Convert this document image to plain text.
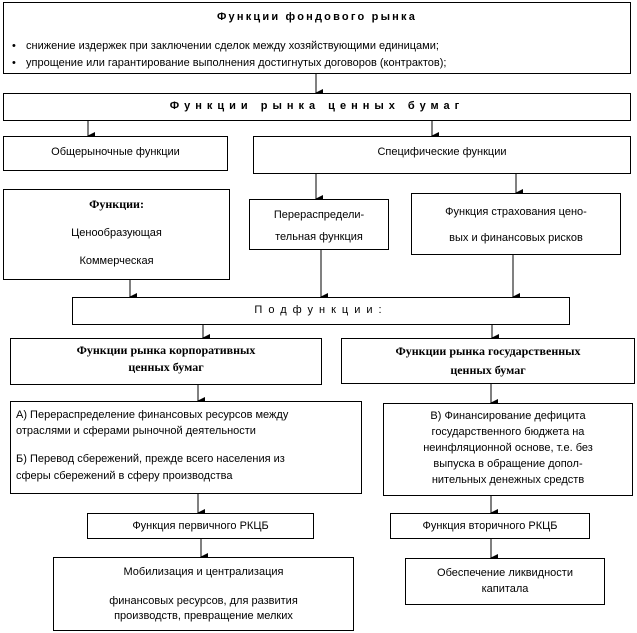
Функции фондового рынка
• снижение издержек при заключении сделок между хозяйствующими единицами;
• упрощение или гарантирование выполнения достигнутых договоров (контрактов);
Функции рынка ценных бумаг
Общерыночные функции	Специфические функции
Функции:
Ценообразующая
Коммерческая
Перераспредели-
тельная функция
Функция страхования цено-
вых и финансовых рисков
Подфункции:
Функции рынка корпоративных
ценных бумаг
Функции рынка государственных
ценных бумаг
А) Перераспределение финансовых ресурсов между
отраслями и сферами рыночной деятельности
Б) Перевод сбережений, прежде всего населения из
сферы сбережений в сферу производства
В) Финансирование дефицита
государственного бюджета на
неинфляционной основе, т.е. без
выпуска в обращение допол-
нительных денежных средств
Функция первичного РКЦБ	Функция вторичного РКЦБ
Мобилизация и централизация
финансовых ресурсов, для развития
производств, превращение мелких
Обеспечение ликвидности
капитала
